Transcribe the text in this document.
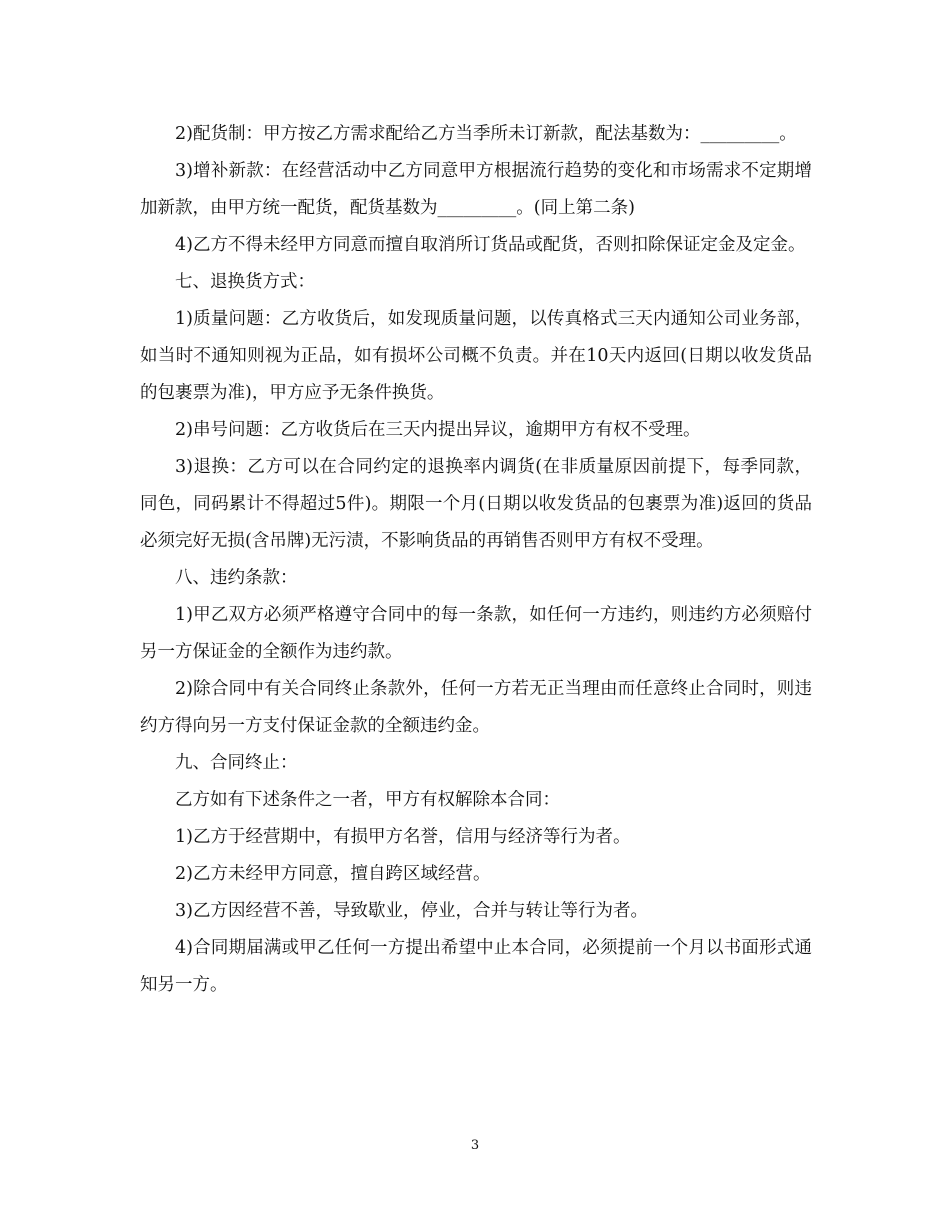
2)配货制：甲方按乙方需求配给乙方当季所未订新款，配法基数为：_________。

3)增补新款：在经营活动中乙方同意甲方根据流行趋势的变化和市场需求不定期增加新款，由甲方统一配货，配货基数为_________。(同上第二条)

4)乙方不得未经甲方同意而擅自取消所订货品或配货，否则扣除保证定金及定金。

七、退换货方式：

1)质量问题：乙方收货后，如发现质量问题，以传真格式三天内通知公司业务部，如当时不通知则视为正品，如有损坏公司概不负责。并在10天内返回(日期以收发货品的包裹票为准)，甲方应予无条件换货。

2)串号问题：乙方收货后在三天内提出异议，逾期甲方有权不受理。

3)退换：乙方可以在合同约定的退换率内调货(在非质量原因前提下，每季同款，同色，同码累计不得超过5件)。期限一个月(日期以收发货品的包裹票为准)返回的货品必须完好无损(含吊牌)无污渍，不影响货品的再销售否则甲方有权不受理。

八、违约条款：

1)甲乙双方必须严格遵守合同中的每一条款，如任何一方违约，则违约方必须赔付另一方保证金的全额作为违约款。

2)除合同中有关合同终止条款外，任何一方若无正当理由而任意终止合同时，则违约方得向另一方支付保证金款的全额违约金。

九、合同终止：

乙方如有下述条件之一者，甲方有权解除本合同：

1)乙方于经营期中，有损甲方名誉，信用与经济等行为者。

2)乙方未经甲方同意，擅自跨区域经营。

3)乙方因经营不善，导致歇业，停业，合并与转让等行为者。

4)合同期届满或甲乙任何一方提出希望中止本合同，必须提前一个月以书面形式通知另一方。

3
